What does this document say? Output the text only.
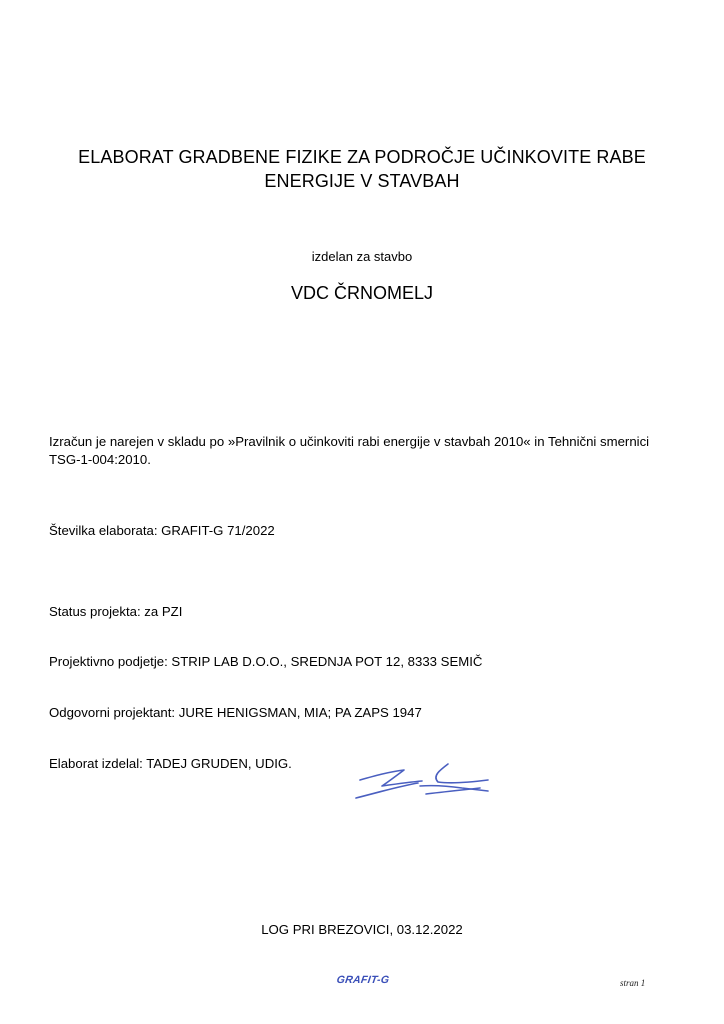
ELABORAT GRADBENE FIZIKE ZA PODROČJE UČINKOVITE RABE
ENERGIJE V STAVBAH
izdelan za stavbo
VDC ČRNOMELJ
Izračun je narejen v skladu po »Pravilnik o učinkoviti rabi energije v stavbah 2010« in Tehnični smernici TSG-1-004:2010.
Številka elaborata: GRAFIT-G 71/2022
Status projekta: za PZI
Projektivno podjetje: STRIP LAB D.O.O., SREDNJA POT 12, 8333 SEMIČ
Odgovorni projektant: JURE HENIGSMAN, MIA; PA ZAPS 1947
Elaborat izdelal: TADEJ GRUDEN, UDIG.
LOG PRI BREZOVICI, 03.12.2022
GRAFIT-G	stran 1
